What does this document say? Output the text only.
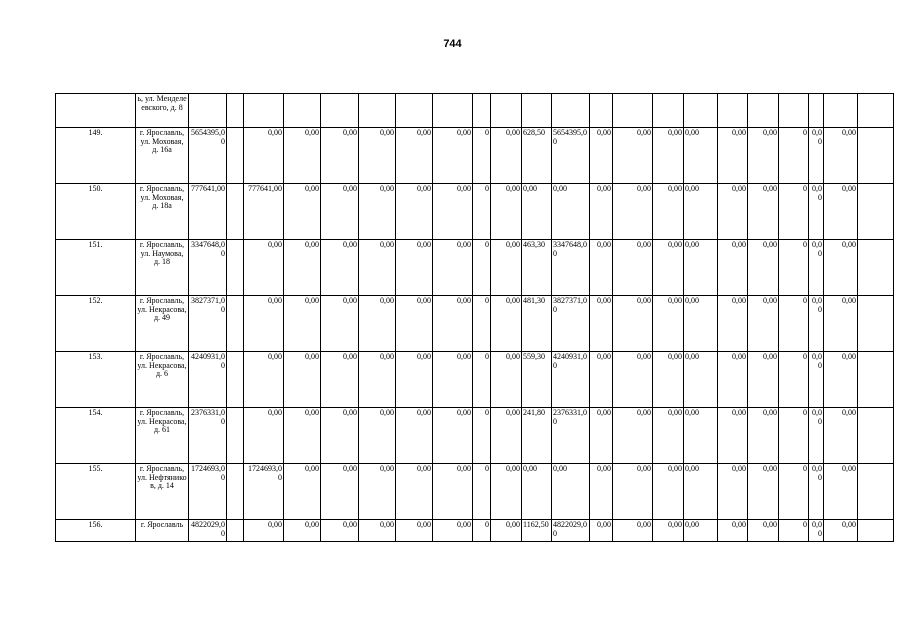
744
	ь, ул. Менделеевского, д. 8																						
149.	г. Ярославль, ул. Моховая, д. 16а	5654395,00		0,00	0,00	0,00	0,00	0,00	0,00	0	0,00	628,50	5654395,00	0,00	0,00	0,00	0,00	0,00	0,00	0	0,00	0,00	
150.	г. Ярославль, ул. Моховая, д. 18а	777641,00		777641,00	0,00	0,00	0,00	0,00	0,00	0	0,00	0,00	0,00	0,00	0,00	0,00	0,00	0,00	0,00	0	0,00	0,00	
151.	г. Ярославль, ул. Наумова, д. 18	3347648,00		0,00	0,00	0,00	0,00	0,00	0,00	0	0,00	463,30	3347648,00	0,00	0,00	0,00	0,00	0,00	0,00	0	0,00	0,00	
152.	г. Ярославль, ул. Некрасова, д. 49	3827371,00		0,00	0,00	0,00	0,00	0,00	0,00	0	0,00	481,30	3827371,00	0,00	0,00	0,00	0,00	0,00	0,00	0	0,00	0,00	
153.	г. Ярославль, ул. Некрасова, д. 6	4240931,00		0,00	0,00	0,00	0,00	0,00	0,00	0	0,00	559,30	4240931,00	0,00	0,00	0,00	0,00	0,00	0,00	0	0,00	0,00	
154.	г. Ярославль, ул. Некрасова, д. 61	2376331,00		0,00	0,00	0,00	0,00	0,00	0,00	0	0,00	241,80	2376331,00	0,00	0,00	0,00	0,00	0,00	0,00	0	0,00	0,00	
155.	г. Ярославль, ул. Нефтяников, д. 14	1724693,00		1724693,00	0,00	0,00	0,00	0,00	0,00	0	0,00	0,00	0,00	0,00	0,00	0,00	0,00	0,00	0,00	0	0,00	0,00	
156.	г. Ярославль	4822029,00		0,00	0,00	0,00	0,00	0,00	0,00	0	0,00	1162,50	4822029,00	0,00	0,00	0,00	0,00	0,00	0,00	0	0,00	0,00	
